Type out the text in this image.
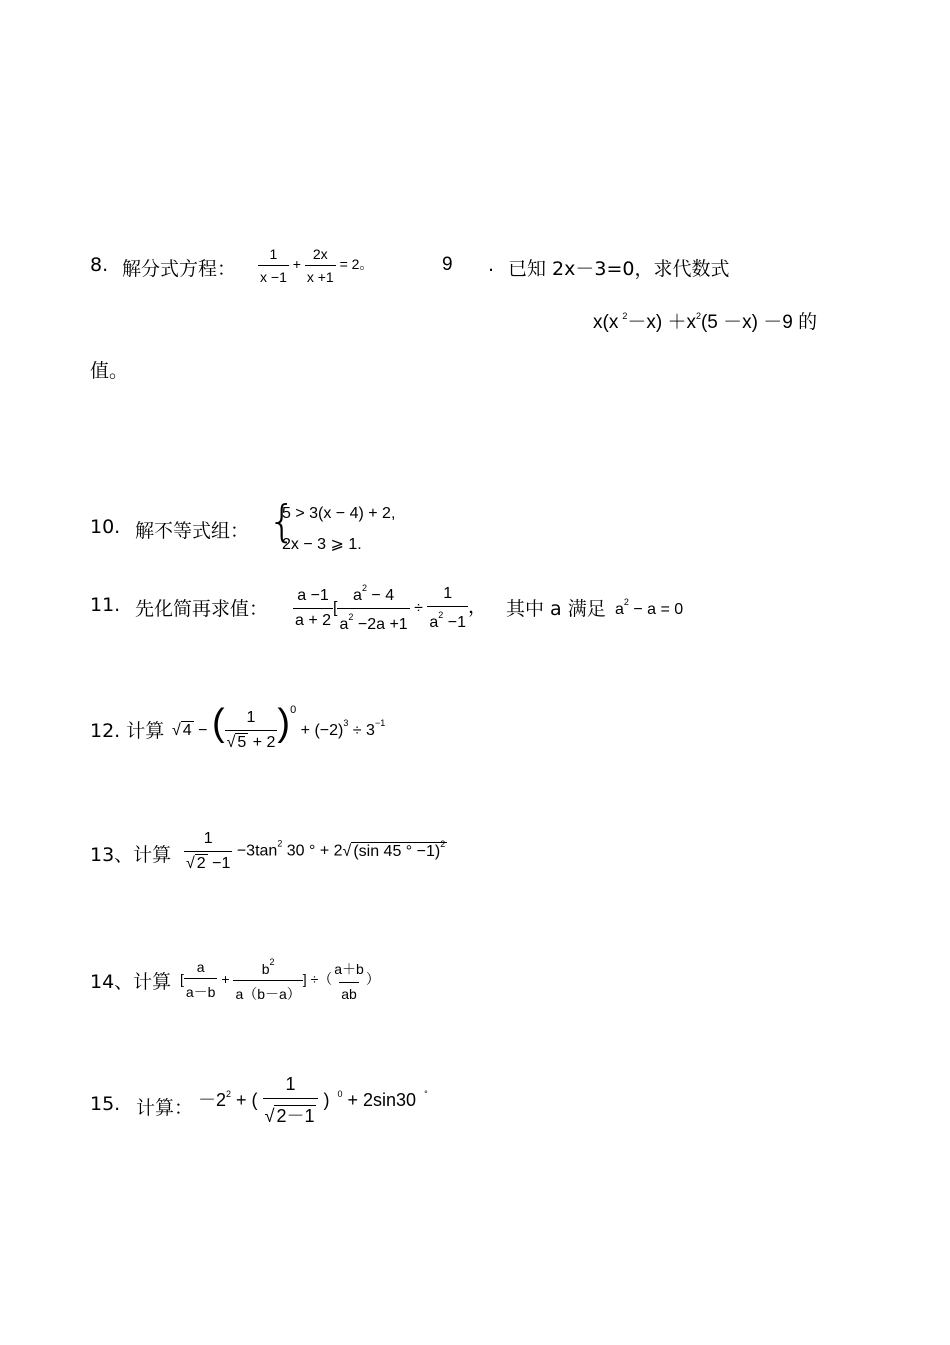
8. 解分式方程： $\frac{1}{x -1} + \frac{2x}{x +1} = 2$。	9 . 已知 2x－3=0，求代数式
x(x $^2-x) +x^2(5 -x) -9$ 的
值。
10. 解不等式组： {
5 > 3(x − 4) + 2,
2x − 3 ⩾ 1.
11. 先化简再求值： $\frac{a -1}{a + 2}$ [ $\frac{a^2 - 4}{a^2 -2a +1} \div \frac{1}{a^2 -1}$ ， 其中 a 满足 $a^2 - a = 0$
12. 计算 √ 4 − ( $\frac{1}{√ 5 + 2} )^0 + (-2)^3 \div 3^{-1}$
13、计算 $\frac{1}{√ 2 -1} -3\tan^2$ 30 ° + 2√ (sin 45 ° −1)$^2$
14、计算 [ $\frac{a}{a-b} + \frac{b^2}{a(b-a)}$ ] ÷（ $\frac{a+b}{ab}$ ）
15. 计算： $-2^2$ + ( $\frac{1}{√ 2-1}$ ) $^0$ + 2sin30 °
